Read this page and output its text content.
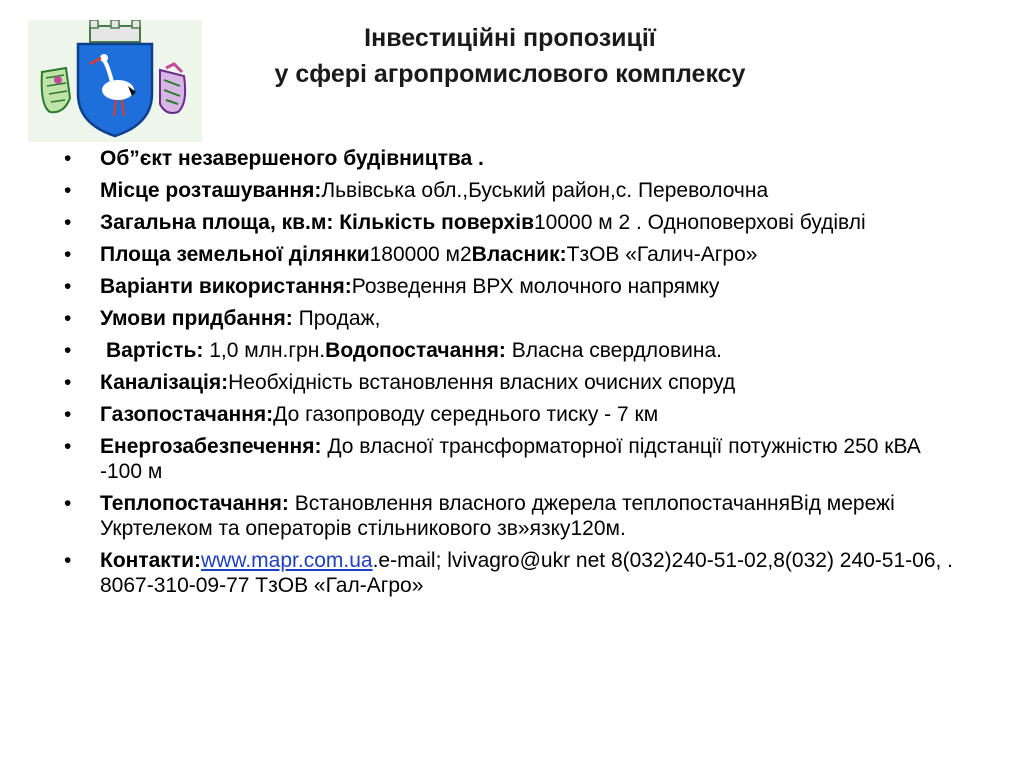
Інвестиційні пропозиції
у сфері агропромислового комплексу
• Об”єкт незавершеного будівництва .
• Місце розташування:Львівська обл.,Буський район,с. Переволочна
• Загальна площа, кв.м: Кількість поверхів10000 м 2 . Одноповерхові будівлі
• Площа земельної ділянки180000 м2Власник:ТзОВ «Галич-Агро»
• Варіанти використання:Розведення ВРХ молочного напрямку
• Умови придбання: Продаж,
• Вартість: 1,0 млн.грн.Водопостачання: Власна свердловина.
• Каналізація:Необхідність встановлення власних очисних споруд
• Газопостачання:До газопроводу середнього тиску - 7 км
• Енергозабезпечення: До власної трансформаторної підстанції потужністю 250 кВА -100 м
• Теплопостачання: Встановлення власного джерела теплопостачанняВід мережі Укртелеком та операторів стільникового зв»язку120м.
• Контакти:www.mapr.com.ua.e-mail; lvivagro@ukr net 8(032)240-51-02,8(032) 240-51-06, . 8067-310-09-77 ТзОВ «Гал-Агро»
